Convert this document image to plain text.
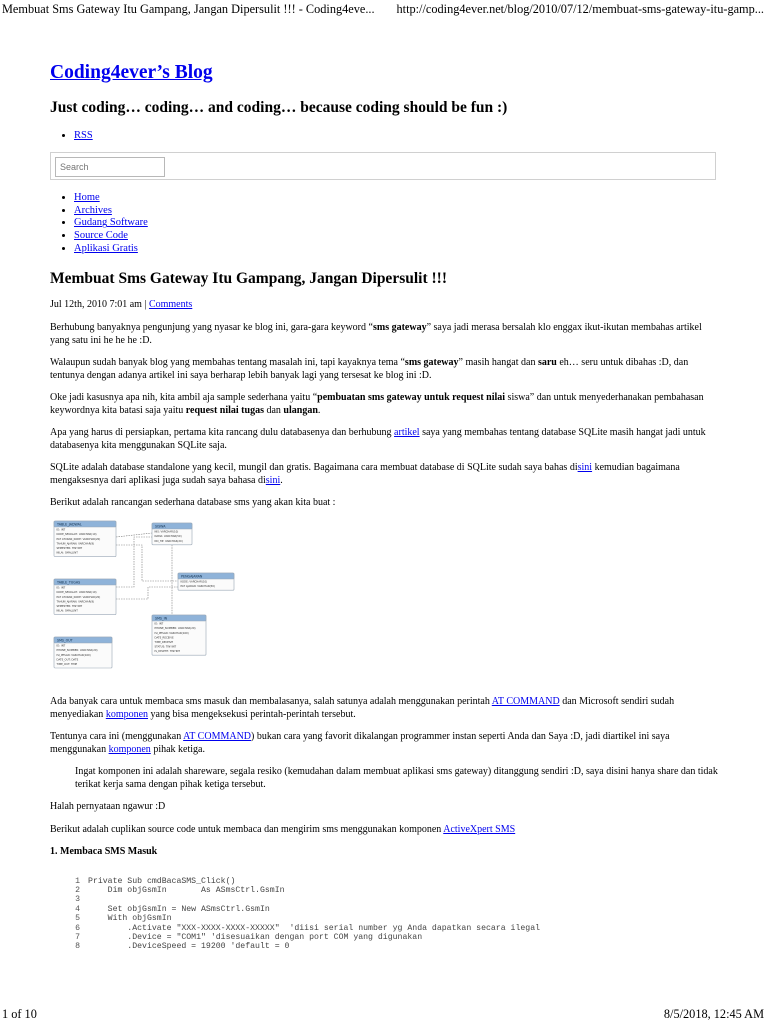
Membuat Sms Gateway Itu Gampang, Jangan Dipersulit !!! - Coding4eve... http://coding4ever.net/blog/2010/07/12/membuat-sms-gateway-itu-gamp...
Coding4ever’s Blog
Just coding… coding… and coding… because coding should be fun :)
• RSS
Search
• Home
• Archives
• Gudang Software
• Source Code
• Aplikasi Gratis
Membuat Sms Gateway Itu Gampang, Jangan Dipersulit !!!
Jul 12th, 2010 7:01 am | Comments

Berhubung banyaknya pengunjung yang nyasar ke blog ini, gara-gara keyword “sms gateway” saya jadi merasa bersalah klo enggax ikut-ikutan membahas artikel yang satu ini he he he :D.

Walaupun sudah banyak blog yang membahas tentang masalah ini, tapi kayaknya tema “sms gateway” masih hangat dan saru eh… seru untuk dibahas :D, dan tentunya dengan adanya artikel ini saya berharap lebih banyak lagi yang tersesat ke blog ini :D.

Oke jadi kasusnya apa nih, kita ambil aja sample sederhana yaitu “pembuatan sms gateway untuk request nilai siswa” dan untuk menyederhanakan pembahasan keywordnya kita batasi saja yaitu request nilai tugas dan ulangan.

Apa yang harus di persiapkan, pertama kita rancang dulu databasenya dan berhubung artikel saya yang membahas tentang database SQLite masih hangat jadi untuk databasenya kita menggunakan SQLite saja.

SQLite adalah database standalone yang kecil, mungil dan gratis. Bagaimana cara membuat database di SQLite sudah saya bahas disini kemudian bagaimana mengaksesnya dari aplikasi juga sudah saya bahasa disini.

Berikut adalah rancangan sederhana database sms yang akan kita buat :

TABLE_JADWAL
ID: INT
KODE_SEKOLAH: VARCHAR(10)
PAT ATURAN_KODE: VARCHAR(20)
TAHUN_AJARAN: VARCHAR(9)
SEMESTER: TINYINT
NILAI: SMALLINT
TABLE_TUGAS
ID: INT
KODE_SEKOLAH: VARCHAR(10)
PAT ATURAN_KODE: VARCHAR(20)
TAHUN_AJARAN: VARCHAR(9)
SEMESTER: TINYINT
NILAI: SMALLINT
SMS_OUT
ID: INT
PHONE_NUMBER: VARCHAR(20)
ISI_PESAN: VARCHAR(160)
DATE_OUT: DATE
TIME_OUT: TIME
SISWA
NIS: VARCHAR(10)
NAMA: VARCHAR(50)
NO_HP: VARCHAR(20)
PENGAJARAN
KODE: VARCHAR(10)
PAT AJARAN: VARCHAR(50)
SMS_IN
ID: INT
PHONE_NUMBER: VARCHAR(20)
ISI_PESAN: VARCHAR(160)
DATE_RECEIVE
TIME_RECEIVE
STATUS: TINYINT
IS_DELETE: TINYINT

Ada banyak cara untuk membaca sms masuk dan membalasanya, salah satunya adalah menggunakan perintah AT COMMAND dan Microsoft sendiri sudah menyediakan komponen yang bisa mengeksekusi perintah-perintah tersebut.

Tentunya cara ini (menggunakan AT COMMAND) bukan cara yang favorit dikalangan programmer instan seperti Anda dan Saya :D, jadi diartikel ini saya menggunakan komponen pihak ketiga.

Ingat komponen ini adalah shareware, segala resiko (kemudahan dalam membuat aplikasi sms gateway) ditanggung sendiri :D, saya disini hanya share dan tidak terikat kerja sama dengan pihak ketiga tersebut.

Halah pernyataan ngawur :D

Berikut adalah cuplikan source code untuk membaca dan mengirim sms menggunakan komponen ActiveXpert SMS

1. Membaca SMS Masuk
1 Private Sub cmdBacaSMS_Click()
2    Dim objGsmIn       As ASmsCtrl.GsmIn
3
4    Set objGsmIn = New ASmsCtrl.GsmIn
5    With objGsmIn
6        .Activate "XXX-XXXX-XXXX-XXXXX"  'diisi serial number yg Anda dapatkan secara ilegal
7        .Device = "COM1" 'disesuaikan dengan port COM yang digunakan
8        .DeviceSpeed = 19200 'default = 0
1 of 10	8/5/2018, 12:45 AM
